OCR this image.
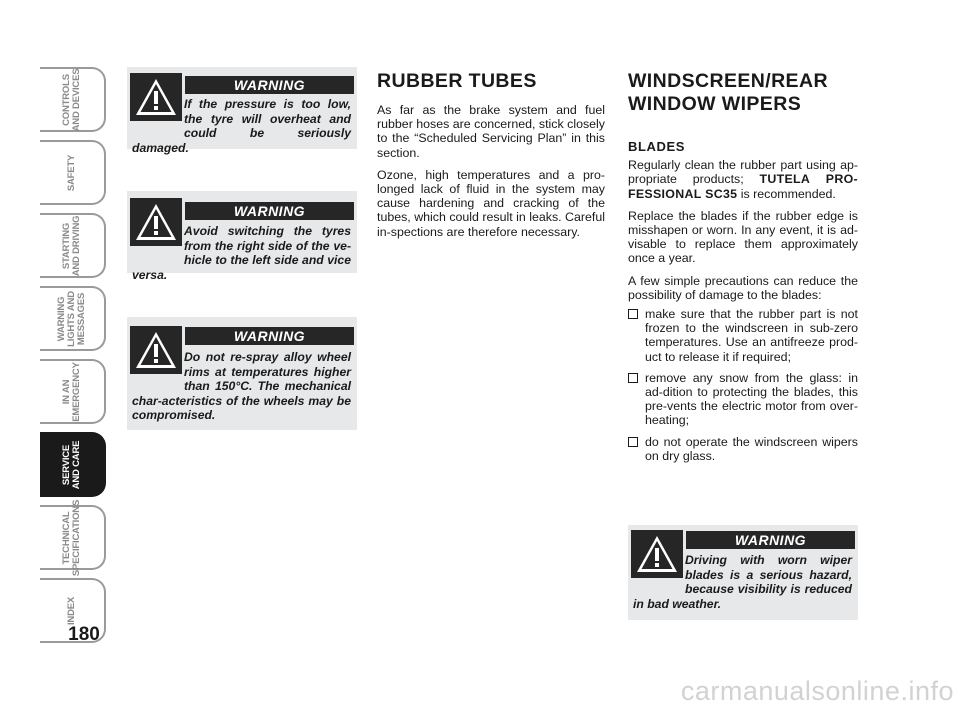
CONTROLS
AND DEVICES
SAFETY
STARTING
AND DRIVING
WARNING
LIGHTS AND
MESSAGES
IN AN
EMERGENCY
SERVICE
AND CARE
TECHNICAL
SPECIFICATIONS
INDEX
180
WARNING
If the pressure is too low, the tyre will overheat and could be seriously damaged.
WARNING
Avoid switching the tyres from the right side of the ve-hicle to the left side and vice versa.
WARNING
Do not re-spray alloy wheel rims at temperatures higher than 150°C. The mechanical char-acteristics of the wheels may be compromised.
RUBBER TUBES

As far as the brake system and fuel rubber hoses are concerned, stick closely to the “Scheduled Servicing Plan” in this section.

Ozone, high temperatures and a pro-longed lack of fluid in the system may cause hardening and cracking of the tubes, which could result in leaks. Careful in-spections are therefore necessary.

WINDSCREEN/REAR
WINDOW WIPERS
BLADES

Regularly clean the rubber part using ap-propriate products; TUTELA PRO-FESSIONAL SC35 is recommended.

Replace the blades if the rubber edge is misshapen or worn. In any event, it is ad-visable to replace them approximately once a year.

A few simple precautions can reduce the possibility of damage to the blades:

make sure that the rubber part is not frozen to the windscreen in sub-zero temperatures. Use an antifreeze prod-uct to release it if required;
remove any snow from the glass: in ad-dition to protecting the blades, this pre-vents the electric motor from over-heating;
do not operate the windscreen wipers on dry glass.
WARNING
Driving with worn wiper blades is a serious hazard, because visibility is reduced in bad weather.
carmanualsonline.info
